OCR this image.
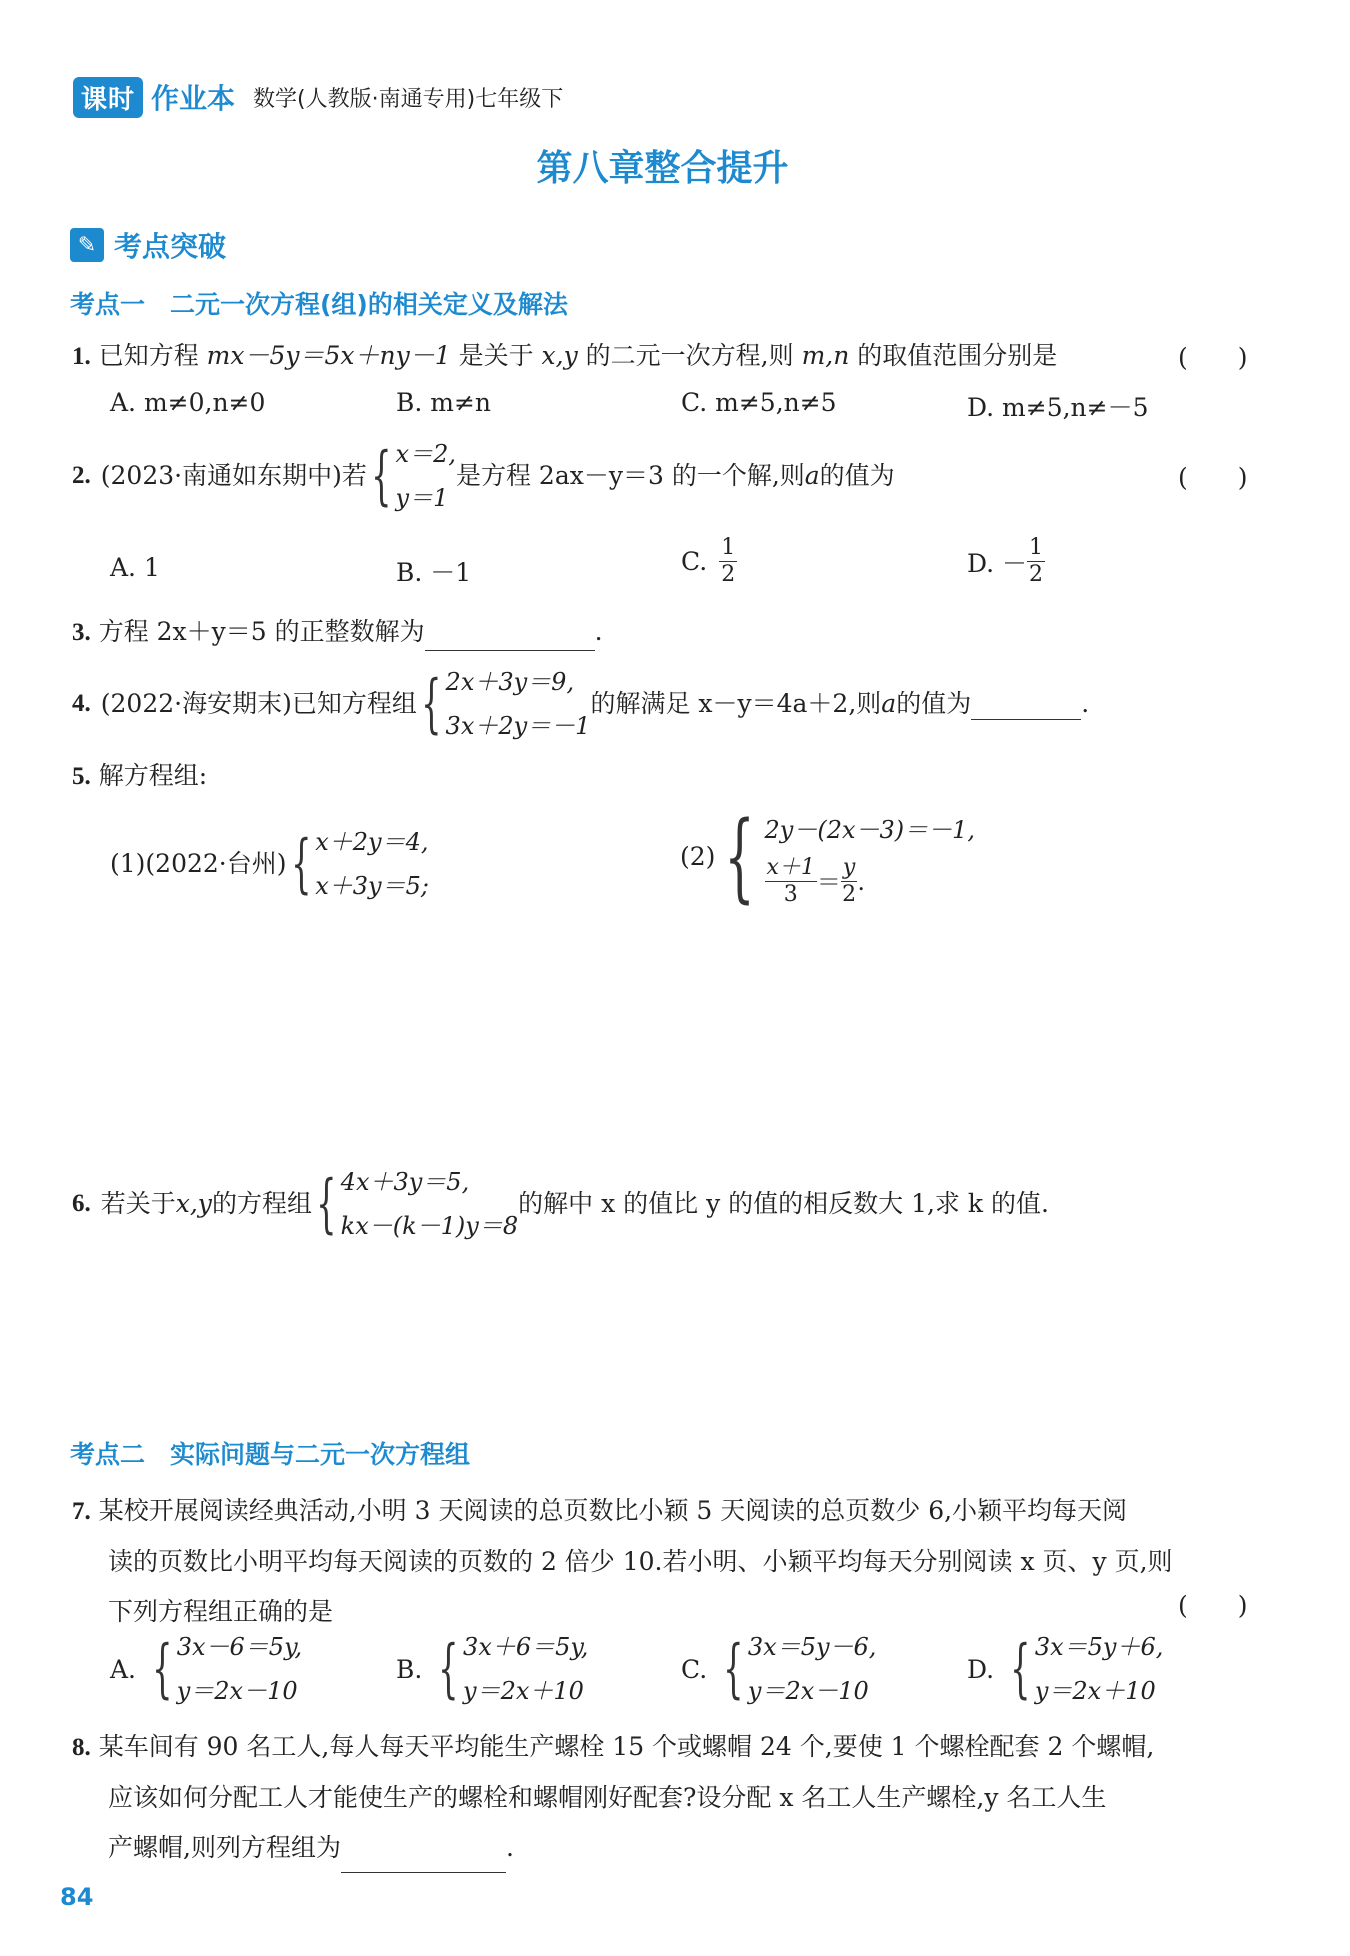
课时 作业本 数学(人教版·南通专用)七年级下
第八章整合提升
✎ 考点突破
考点一　二元一次方程(组)的相关定义及解法
1. 已知方程 mx－5y＝5x＋ny－1 是关于 x,y 的二元一次方程,则 m,n 的取值范围分别是	(　　)
A. m≠0,n≠0	B. m≠n	C. m≠5,n≠5	D. m≠5,n≠－5
2. (2023·南通如东期中)若 { x＝2,
y＝1
是方程 2ax－y＝3 的一个解,则 a 的值为	(　　)
A. 1	B. －1	C. $\frac{1}{2}$	D. － $\frac{1}{2}$
3. 方程 2x＋y＝5 的正整数解为	.
4. (2022·海安期末)已知方程组 { 2x＋3y＝9,
3x＋2y＝－1
的解满足 x－y＝4a＋2,则 a 的值为	.
5. 解方程组:
(1)(2022·台州) { x＋2y＝4,
x＋3y＝5;
(2) { 2y－(2x－3)＝－1,
$\frac{x+1}{3} = \frac{y}{2}$ .
6. 若关于 x,y 的方程组 { 4x＋3y＝5,
kx－(k－1)y＝8
的解中 x 的值比 y 的值的相反数大 1,求 k 的值.
考点二　实际问题与二元一次方程组
7. 某校开展阅读经典活动,小明 3 天阅读的总页数比小颖 5 天阅读的总页数少 6,小颖平均每天阅
读的页数比小明平均每天阅读的页数的 2 倍少 10.若小明、小颖平均每天分别阅读 x 页、y 页,则
下列方程组正确的是	(　　)
A. { 3x－6＝5y,
y＝2x－10
B. { 3x＋6＝5y,
y＝2x＋10
C. { 3x＝5y－6,
y＝2x－10
D. { 3x＝5y＋6,
y＝2x＋10
8. 某车间有 90 名工人,每人每天平均能生产螺栓 15 个或螺帽 24 个,要使 1 个螺栓配套 2 个螺帽,
应该如何分配工人才能使生产的螺栓和螺帽刚好配套?设分配 x 名工人生产螺栓,y 名工人生
产螺帽,则列方程组为	.
84
